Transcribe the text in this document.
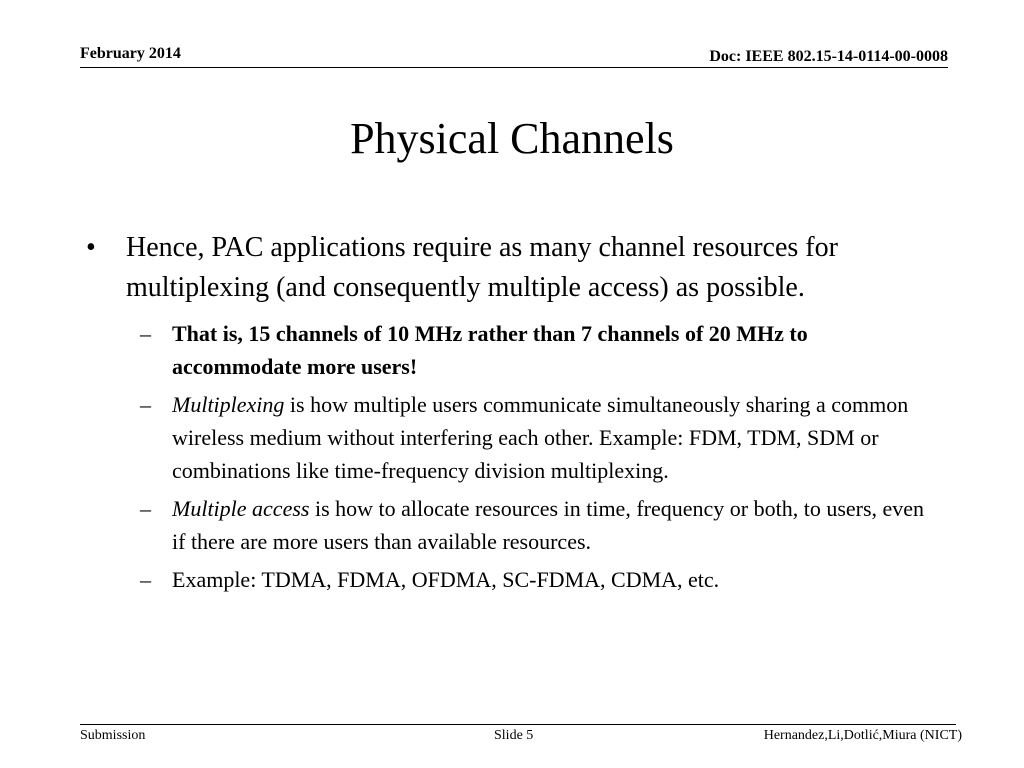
February 2014	Doc: IEEE 802.15-14-0114-00-0008
Physical Channels
• Hence, PAC applications require as many channel resources for multiplexing (and consequently multiple access) as possible.
– That is, 15 channels of 10 MHz rather than 7 channels of 20 MHz to accommodate more users!
– Multiplexing is how multiple users communicate simultaneously sharing a common wireless medium without interfering each other. Example: FDM, TDM, SDM or combinations like time-frequency division multiplexing.
– Multiple access is how to allocate resources in time, frequency or both, to users, even if there are more users than available resources.
– Example: TDMA, FDMA, OFDMA, SC-FDMA, CDMA, etc.
Submission	Slide 5	Hernandez,Li,Dotlić,Miura (NICT)
